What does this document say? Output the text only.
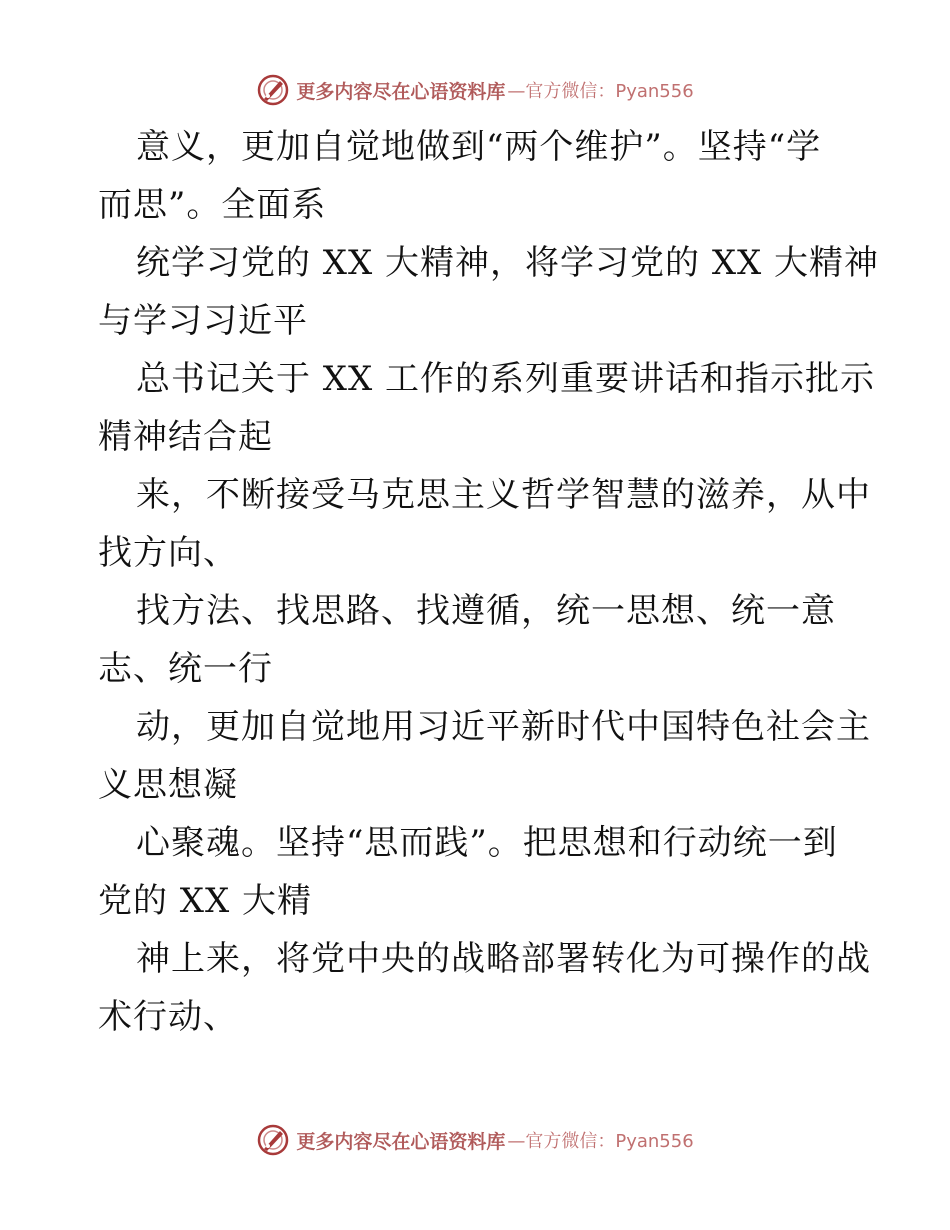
更多内容尽在心语资料库 —官方微信：Pyan556
意义，更加自觉地做到“两个维护”。坚持“学
而思”。全面系
统学习党的 XX 大精神，将学习党的 XX 大精神
与学习习近平
总书记关于 XX 工作的系列重要讲话和指示批示
精神结合起
来，不断接受马克思主义哲学智慧的滋养，从中
找方向、
找方法、找思路、找遵循，统一思想、统一意
志、统一行
动，更加自觉地用习近平新时代中国特色社会主
义思想凝
心聚魂。坚持“思而践”。把思想和行动统一到
党的 XX 大精
神上来，将党中央的战略部署转化为可操作的战
术行动、
更多内容尽在心语资料库 —官方微信：Pyan556
